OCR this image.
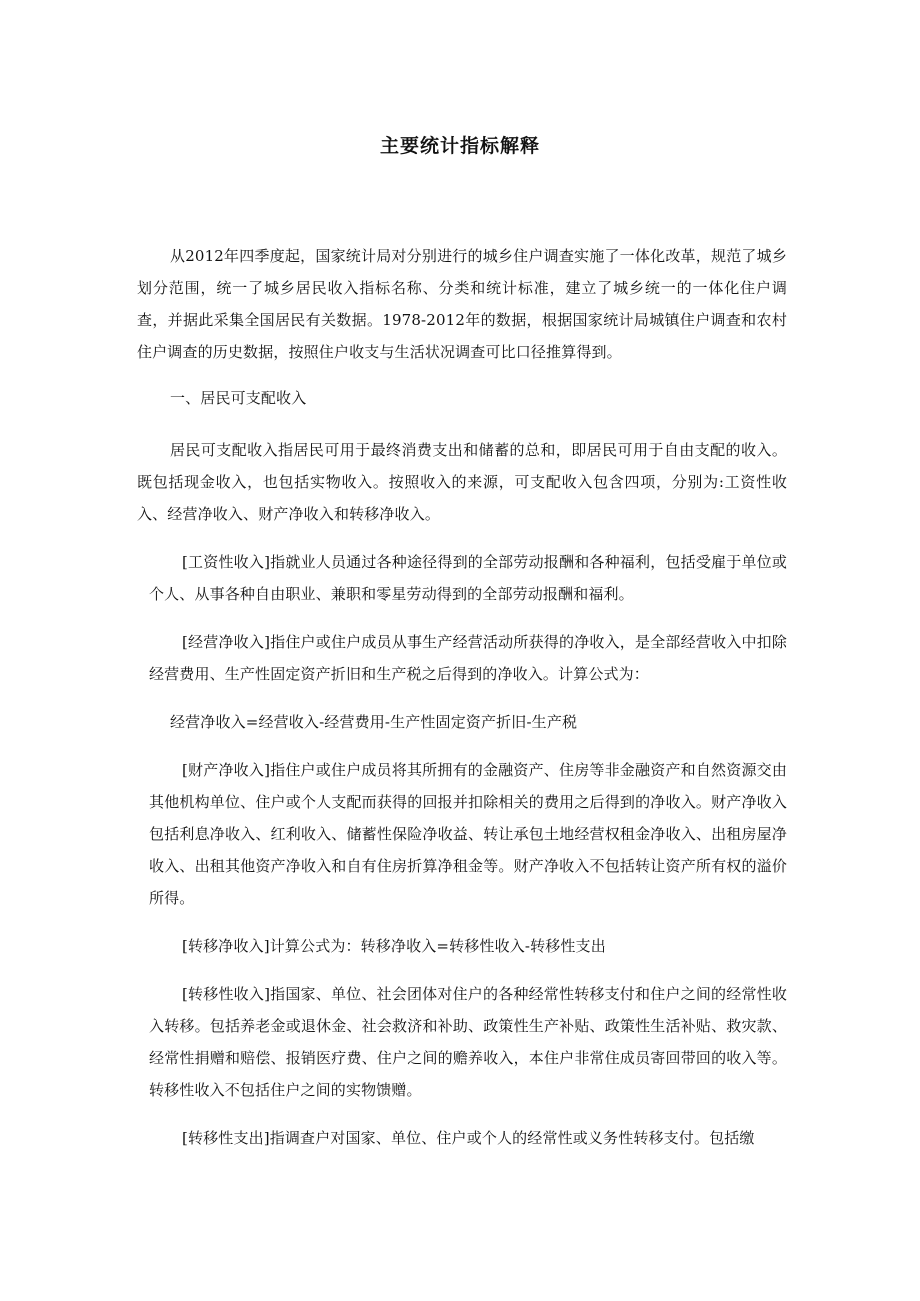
主要统计指标解释

从2012年四季度起，国家统计局对分别进行的城乡住户调查实施了一体化改革，规范了城乡划分范围，统一了城乡居民收入指标名称、分类和统计标准，建立了城乡统一的一体化住户调查，并据此采集全国居民有关数据。1978-2012年的数据，根据国家统计局城镇住户调查和农村住户调查的历史数据，按照住户收支与生活状况调查可比口径推算得到。

一、居民可支配收入

居民可支配收入指居民可用于最终消费支出和储蓄的总和，即居民可用于自由支配的收入。既包括现金收入，也包括实物收入。按照收入的来源，可支配收入包含四项，分别为:工资性收入、经营净收入、财产净收入和转移净收入。

[工资性收入]指就业人员通过各种途径得到的全部劳动报酬和各种福利，包括受雇于单位或个人、从事各种自由职业、兼职和零星劳动得到的全部劳动报酬和福利。

[经营净收入]指住户或住户成员从事生产经营活动所获得的净收入，是全部经营收入中扣除经营费用、生产性固定资产折旧和生产税之后得到的净收入。计算公式为：

经营净收入=经营收入-经营费用-生产性固定资产折旧-生产税

[财产净收入]指住户或住户成员将其所拥有的金融资产、住房等非金融资产和自然资源交由其他机构单位、住户或个人支配而获得的回报并扣除相关的费用之后得到的净收入。财产净收入包括利息净收入、红利收入、储蓄性保险净收益、转让承包土地经营权租金净收入、出租房屋净收入、出租其他资产净收入和自有住房折算净租金等。财产净收入不包括转让资产所有权的溢价所得。

[转移净收入]计算公式为：转移净收入=转移性收入-转移性支出

[转移性收入]指国家、单位、社会团体对住户的各种经常性转移支付和住户之间的经常性收入转移。包括养老金或退休金、社会救济和补助、政策性生产补贴、政策性生活补贴、救灾款、经常性捐赠和赔偿、报销医疗费、住户之间的赡养收入，本住户非常住成员寄回带回的收入等。转移性收入不包括住户之间的实物馈赠。

[转移性支出]指调查户对国家、单位、住户或个人的经常性或义务性转移支付。包括缴
